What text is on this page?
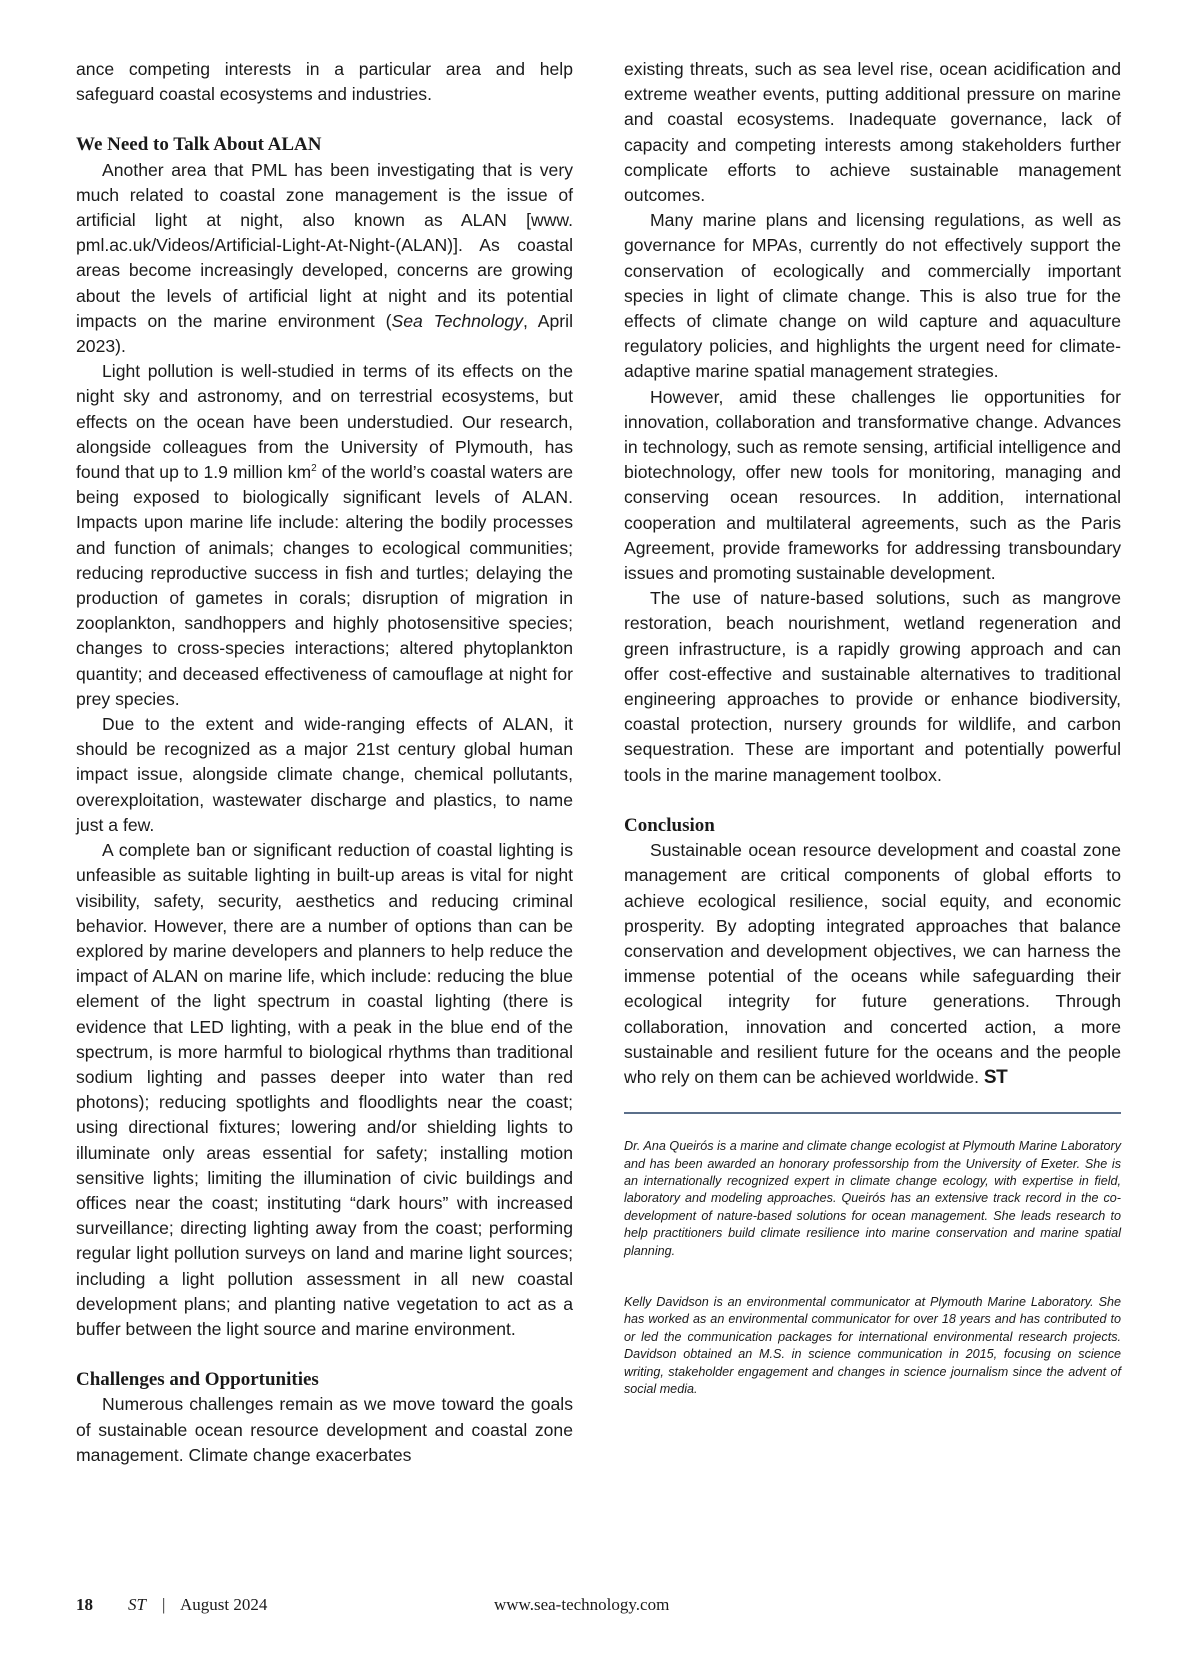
ance competing interests in a particular area and help safeguard coastal ecosystems and industries.

We Need to Talk About ALAN

Another area that PML has been investigating that is very much related to coastal zone management is the issue of artificial light at night, also known as ALAN [www.​pml.ac.uk/Videos/Artificial-Light-At-Night-(ALAN)]. As coastal areas become increasingly developed, concerns are growing about the levels of artificial light at night and its potential impacts on the marine environment (Sea Technology, April 2023).

Light pollution is well-studied in terms of its effects on the night sky and astronomy, and on terrestrial ecosystems, but effects on the ocean have been understudied. Our research, alongside colleagues from the University of Plymouth, has found that up to 1.9 million $km^2$ of the world’s coastal waters are being exposed to biologically significant levels of ALAN. Impacts upon marine life include: altering the bodily processes and function of animals; changes to ecological communities; reducing reproductive success in fish and turtles; delaying the production of gametes in corals; disruption of migration in zooplankton, sandhoppers and highly photosensitive species; changes to cross-species interactions; altered phytoplankton quantity; and deceased effectiveness of camouflage at night for prey species.

Due to the extent and wide-ranging effects of ALAN, it should be recognized as a major 21st century global human impact issue, alongside climate change, chemical pollutants, overexploitation, wastewater discharge and plastics, to name just a few.

A complete ban or significant reduction of coastal lighting is unfeasible as suitable lighting in built-up areas is vital for night visibility, safety, security, aesthetics and reducing criminal behavior. However, there are a number of options than can be explored by marine developers and planners to help reduce the impact of ALAN on marine life, which include: reducing the blue element of the light spectrum in coastal lighting (there is evidence that LED lighting, with a peak in the blue end of the spectrum, is more harmful to biological rhythms than traditional sodium lighting and passes deeper into water than red photons); reducing spotlights and floodlights near the coast; using directional fixtures; lowering and/or shielding lights to illuminate only areas essential for safety; installing motion sensitive lights; limiting the illumination of civic buildings and offices near the coast; instituting “dark hours” with increased surveillance; directing lighting away from the coast; performing regular light pollution surveys on land and marine light sources; including a light pollution assessment in all new coastal development plans; and planting native vegetation to act as a buffer between the light source and marine environment.

Challenges and Opportunities

Numerous challenges remain as we move toward the goals of sustainable ocean resource development and coastal zone management. Climate change exacerbates

existing threats, such as sea level rise, ocean acidification and extreme weather events, putting additional pressure on marine and coastal ecosystems. Inadequate governance, lack of capacity and competing interests among stakeholders further complicate efforts to achieve sustainable management outcomes.

Many marine plans and licensing regulations, as well as governance for MPAs, currently do not effectively support the conservation of ecologically and commercially important species in light of climate change. This is also true for the effects of climate change on wild capture and aquaculture regulatory policies, and highlights the urgent need for climate-adaptive marine spatial management strategies.

However, amid these challenges lie opportunities for innovation, collaboration and transformative change. Advances in technology, such as remote sensing, artificial intelligence and biotechnology, offer new tools for monitoring, managing and conserving ocean resources. In addition, international cooperation and multilateral agreements, such as the Paris Agreement, provide frameworks for addressing transboundary issues and promoting sustainable development.

The use of nature-based solutions, such as mangrove restoration, beach nourishment, wetland regeneration and green infrastructure, is a rapidly growing approach and can offer cost-effective and sustainable alternatives to traditional engineering approaches to provide or enhance biodiversity, coastal protection, nursery grounds for wildlife, and carbon sequestration. These are important and potentially powerful tools in the marine management toolbox.

Conclusion

Sustainable ocean resource development and coastal zone management are critical components of global efforts to achieve ecological resilience, social equity, and economic prosperity. By adopting integrated approaches that balance conservation and development objectives, we can harness the immense potential of the oceans while safeguarding their ecological integrity for future generations. Through collaboration, innovation and concerted action, a more sustainable and resilient future for the oceans and the people who rely on them can be achieved worldwide. ST

Dr. Ana Queirós is a marine and climate change ecologist at Plymouth Marine Laboratory and has been awarded an honorary professorship from the University of Exeter. She is an internationally recognized expert in climate change ecology, with expertise in field, laboratory and modeling approaches. Queirós has an extensive track record in the co-development of nature-based solutions for ocean management. She leads research to help practitioners build climate resilience into marine conservation and marine spatial planning.

Kelly Davidson is an environmental communicator at Plymouth Marine Laboratory. She has worked as an environmental communicator for over 18 years and has contributed to or led the communication packages for international environmental research projects. Davidson obtained an M.S. in science communication in 2015, focusing on science writing, stakeholder engagement and changes in science journalism since the advent of social media.

18 ST | August 2024	www.sea-technology.com
